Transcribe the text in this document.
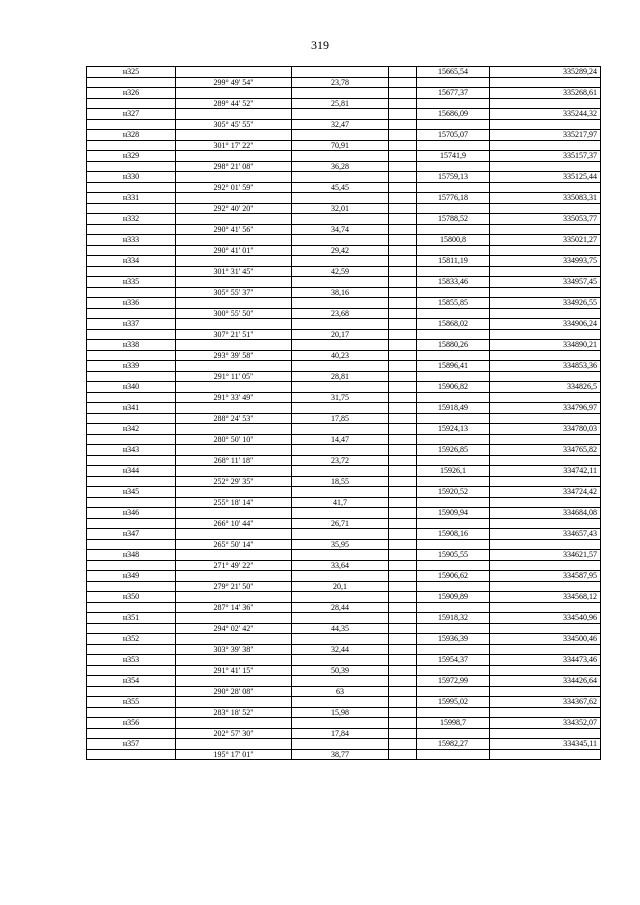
319
н325				15665,54	335289,24
	299° 49' 54"	23,78			
н326				15677,37	335268,61
	289° 44' 52"	25,81			
н327				15686,09	335244,32
	305° 45' 55"	32,47			
н328				15705,07	335217,97
	301° 17' 22"	70,91			
н329				15741,9	335157,37
	298° 21' 08"	36,28			
н330				15759,13	335125,44
	292° 01' 59"	45,45			
н331				15776,18	335083,31
	292° 40' 20"	32,01			
н332				15788,52	335053,77
	290° 41' 56"	34,74			
н333				15800,8	335021,27
	290° 41' 01"	29,42			
н334				15811,19	334993,75
	301° 31' 45"	42,59			
н335				15833,46	334957,45
	305° 55' 37"	38,16			
н336				15855,85	334926,55
	300° 55' 50"	23,68			
н337				15868,02	334906,24
	307° 21' 51"	20,17			
н338				15880,26	334890,21
	293° 39' 58"	40,23			
н339				15896,41	334853,36
	291° 11' 05"	28,81			
н340				15906,82	334826,5
	291° 33' 49"	31,75			
н341				15918,49	334796,97
	288° 24' 53"	17,85			
н342				15924,13	334780,03
	280° 50' 10"	14,47			
н343				15926,85	334765,82
	268° 11' 18"	23,72			
н344				15926,1	334742,11
	252° 29' 35"	18,55			
н345				15920,52	334724,42
	255° 18' 14"	41,7			
н346				15909,94	334684,08
	266° 10' 44"	26,71			
н347				15908,16	334657,43
	265° 50' 14"	35,95			
н348				15905,55	334621,57
	271° 49' 22"	33,64			
н349				15906,62	334587,95
	279° 21' 50"	20,1			
н350				15909,89	334568,12
	287° 14' 36"	28,44			
н351				15918,32	334540,96
	294° 02' 42"	44,35			
н352				15936,39	334500,46
	303° 39' 38"	32,44			
н353				15954,37	334473,46
	291° 41' 15"	50,39			
н354				15972,99	334426,64
	290° 28' 08"	63			
н355				15995,02	334367,62
	283° 18' 52"	15,98			
н356				15998,7	334352,07
	202° 57' 30"	17,84			
н357				15982,27	334345,11
	195° 17' 01"	38,77			
